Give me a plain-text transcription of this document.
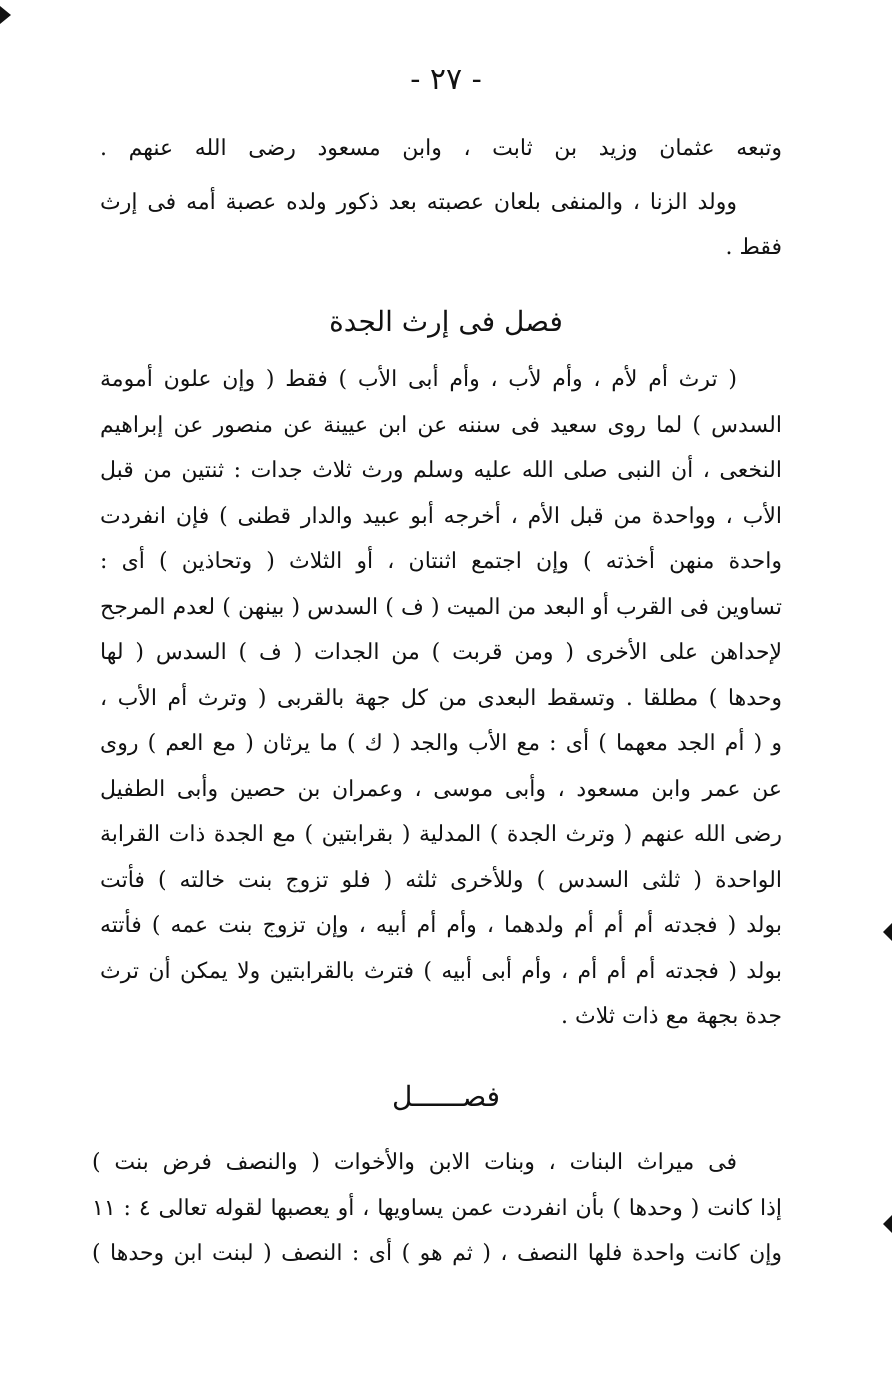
- ٢٧ -
وتبعه عثمان وزيد بن ثابت ، وابن مسعود رضى الله عنهم .
وولد الزنا ، والمنفى بلعان عصبته بعد ذكور ولده عصبة أمه فى إرث
فقط .
فصل فى إرث الجدة
( ترث أم لأم ، وأم لأب ، وأم أبى الأب ) فقط ( وإن علون أمومة
السدس ) لما روى سعيد فى سننه عن ابن عيينة عن منصور عن إبراهيم
النخعى ، أن النبى صلى الله عليه وسلم ورث ثلاث جدات : ثنتين من قبل
الأب ، وواحدة من قبل الأم ، أخرجه أبو عبيد والدار قطنى ) فإن انفردت
واحدة منهن أخذته ) وإن اجتمع اثنتان ، أو الثلاث ( وتحاذين ) أى :
تساوين فى القرب أو البعد من الميت ( ف ) السدس ( بينهن ) لعدم المرجح
لإحداهن على الأخرى ( ومن قربت ) من الجدات ( ف ) السدس ( لها
وحدها ) مطلقا . وتسقط البعدى من كل جهة بالقربى ( وترث أم الأب ،
و ( أم الجد معهما ) أى : مع الأب والجد ( ك ) ما يرثان ( مع العم ) روى
عن عمر وابن مسعود ، وأبى موسى ، وعمران بن حصين وأبى الطفيل
رضى الله عنهم ( وترث الجدة ) المدلية ( بقرابتين ) مع الجدة ذات القرابة
الواحدة ( ثلثى السدس ) وللأخرى ثلثه ( فلو تزوج بنت خالته ) فأتت
بولد ( فجدته أم أم أم ولدهما ، وأم أم أبيه ، وإن تزوج بنت عمه ) فأتته
بولد ( فجدته أم أم أم ، وأم أبى أبيه ) فترث بالقرابتين ولا يمكن أن ترث
جدة بجهة مع ذات ثلاث .
فصــــــل
فى ميراث البنات ، وبنات الابن والأخوات ( والنصف فرض بنت )
إذا كانت ( وحدها ) بأن انفردت عمن يساويها ، أو يعصبها لقوله تعالى ٤ : ١١
وإن كانت واحدة فلها النصف ، ( ثم هو ) أى : النصف ( لبنت ابن وحدها )
